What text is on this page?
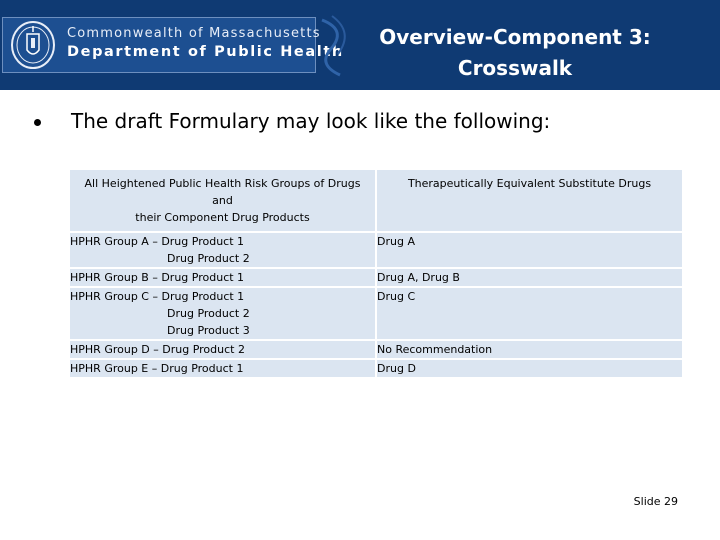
Commonwealth of Massachusetts
Department of Public Health
Overview-Component 3:
Crosswalk
The draft Formulary may look like the following:
All Heightened Public Health Risk Groups of Drugs
and
their Component Drug Products	Therapeutically Equivalent Substitute Drugs

HPHR Group A – Drug Product 1
Drug Product 2	Drug A

HPHR Group B – Drug Product 1	Drug A, Drug B

HPHR Group C – Drug Product 1
Drug Product 2
Drug Product 3	Drug C

HPHR Group D – Drug Product 2	No Recommendation

HPHR Group E – Drug Product 1	Drug D
Slide 29
